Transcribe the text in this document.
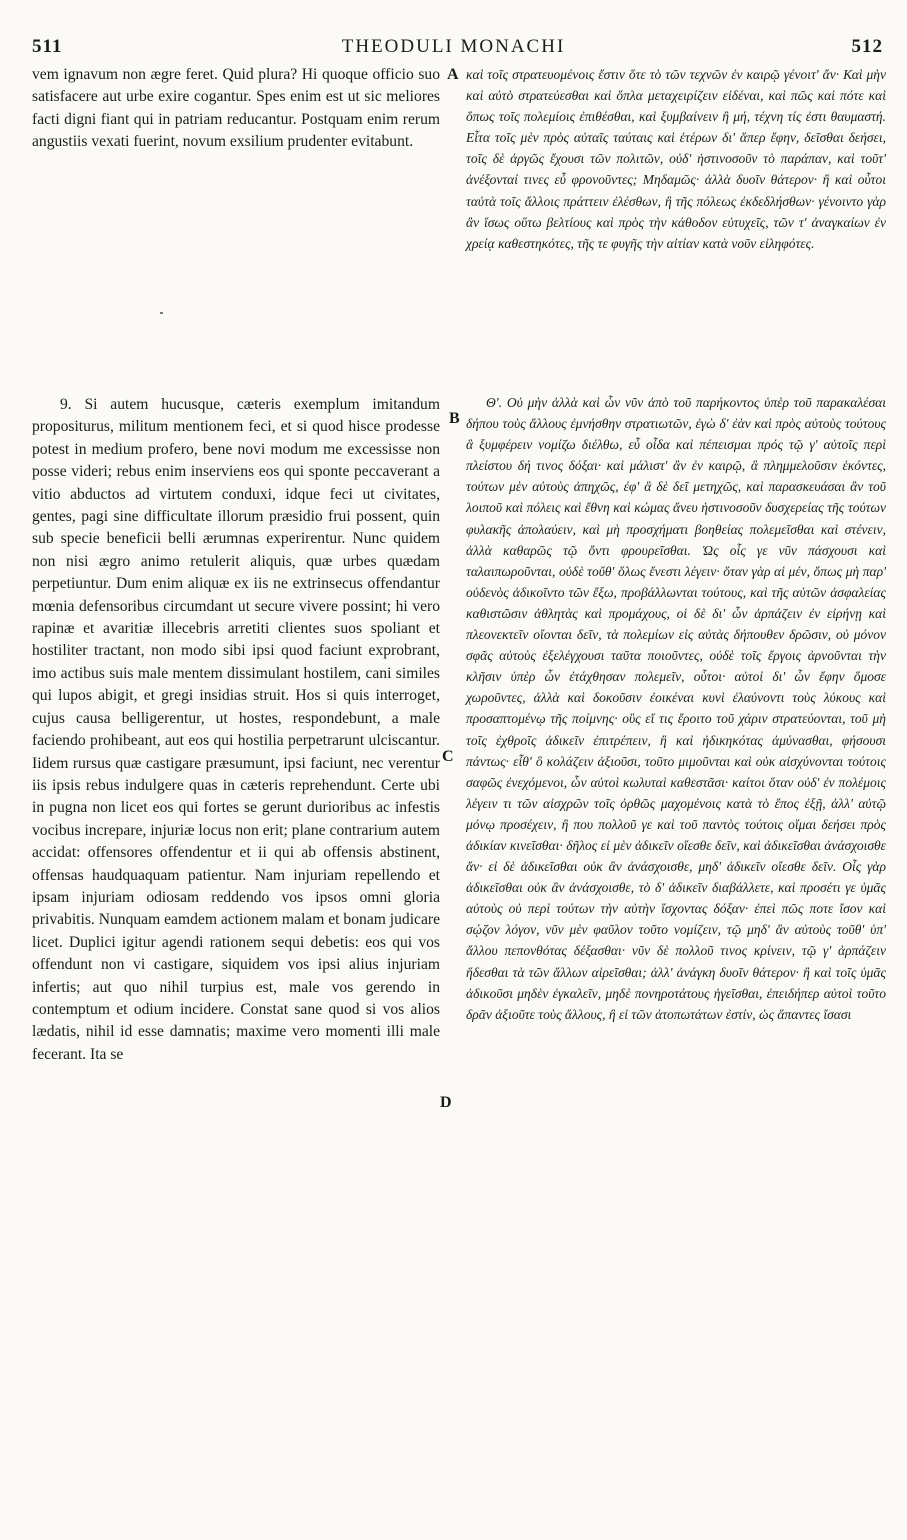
511	THEODULI MONACHI	512

vem ignavum non ægre feret. Quid plura? Hi quoque officio suo satisfacere aut urbe exire cogantur. Spes enim est ut sic meliores facti digni fiant qui in patriam reducantur. Postquam enim rerum angustiis vexati fuerint, novum exsilium prudenter evitabunt.

9. Si autem hucusque, cæteris exemplum imitandum propositurus, militum mentionem feci, et si quod hisce prodesse potest in medium profero, bene novi modum me excessisse non posse videri; rebus enim inserviens eos qui sponte peccaverant a vitio abductos ad virtutem conduxi, idque feci ut civitates, gentes, pagi sine difficultate illorum præsidio frui possent, quin sub specie beneficii belli ærumnas experirentur. Nunc quidem non nisi ægro animo retulerit aliquis, quæ urbes quædam perpetiuntur. Dum enim aliquæ ex iis ne extrinsecus offendantur mœnia defensoribus circumdant ut secure vivere possint; hi vero rapinæ et avaritiæ illecebris arretiti clientes suos spoliant et hostiliter tractant, non modo sibi ipsi quod faciunt exprobrant, imo actibus suis male mentem dissimulant hostilem, cani similes qui lupos abigit, et gregi insidias struit. Hos si quis interroget, cujus causa belligerentur, ut hostes, respondebunt, a male faciendo prohibeant, aut eos qui hostilia perpetrarunt ulciscantur. Iidem rursus quæ castigare præsumunt, ipsi faciunt, nec verentur iis ipsis rebus indulgere quas in cæteris reprehendunt. Certe ubi in pugna non licet eos qui fortes se gerunt durioribus ac infestis vocibus increpare, injuriæ locus non erit; plane contrarium autem accidat: offensores offendentur et ii qui ab offensis abstinent, offensas haudquaquam patientur. Nam injuriam repellendo et ipsam injuriam odiosam reddendo vos ipsos omni gloria privabitis. Nunquam eamdem actionem malam et bonam judicare licet. Duplici igitur agendi rationem sequi debetis: eos qui vos offendunt non vi castigare, siquidem vos ipsi alius injuriam infertis; aut quo nihil turpius est, male vos gerendo in contemptum et odium incidere. Constat sane quod si vos alios lædatis, nihil id esse damnatis; maxime vero momenti illi male fecerant. Ita se

A
B
C
D

καὶ τοῖς στρατευομένοις ἔστιν ὅτε τὸ τῶν τεχνῶν ἐν καιρῷ γένοιτ' ἄν· Καὶ μὴν καὶ αὐτὸ στρατεύεσθαι καὶ ὅπλα μεταχειρίζειν εἰδέναι, καὶ πῶς καὶ πότε καὶ ὅπως τοῖς πολεμίοις ἐπιθέσθαι, καὶ ξυμβαίνειν ἢ μή, τέχνη τίς ἐστι θαυμαστή. Εἶτα τοῖς μὲν πρὸς αὐταῖς ταύταις καὶ ἑτέρων δι' ἅπερ ἔφην, δεῖσθαι δεήσει, τοῖς δὲ ἀργῶς ἔχουσι τῶν πολιτῶν, οὐδ' ἡστινοσοῦν τὸ παράπαν, καὶ τοῦτ' ἀνέξονταί τινες εὖ φρονοῦντες; Μηδαμῶς· ἀλλὰ δυοῖν θάτερον· ἢ καὶ οὗτοι ταὐτὰ τοῖς ἄλλοις πράττειν ἐλέσθων, ἢ τῆς πόλεως ἐκδεδλήσθων· γένοιντο γὰρ ἂν ἴσως οὕτω βελτίους καὶ πρὸς τὴν κάθοδον εὐτυχεῖς, τῶν τ' ἀναγκαίων ἐν χρείᾳ καθεστηκότες, τῆς τε φυγῆς τὴν αἰτίαν κατὰ νοῦν εἰληφότες.

Θ'. Οὐ μὴν ἀλλὰ καὶ ὧν νῦν ἀπὸ τοῦ παρήκοντος ὑπὲρ τοῦ παρακαλέσαι δήπου τοὺς ἄλλους ἐμνήσθην στρατιωτῶν, ἐγὼ δ' ἐὰν καὶ πρὸς αὐτοὺς τούτους ἃ ξυμφέρειν νομίζω διέλθω, εὖ οἶδα καὶ πέπεισμαι πρός τῷ γ' αὐτοῖς περὶ πλείστου δή τινος δόξαι· καὶ μάλιστ' ἂν ἐν καιρῷ, ἃ πλημμελοῦσιν ἑκόντες, τούτων μὲν αὐτοὺς ἀπηχῶς, ἐφ' ἃ δὲ δεῖ μετηχῶς, καὶ παρασκευάσαι ἂν τοῦ λοιποῦ καὶ πόλεις καὶ ἔθνη καὶ κώμας ἄνευ ἡστινοσοῦν δυσχερείας τῆς τούτων φυλακῆς ἀπολαύειν, καὶ μὴ προσχήματι βοηθείας πολεμεῖσθαι καὶ στένειν, ἀλλὰ καθαρῶς τῷ ὄντι φρουρεῖσθαι. Ὡς οἷς γε νῦν πάσχουσι καὶ ταλαιπωροῦνται, οὐδὲ τοὔθ' ὅλως ἔνεστι λέγειν· ὅταν γὰρ αἱ μέν, ὅπως μὴ παρ' οὐδενὸς ἀδικοῖντο τῶν ἔξω, προβάλλωνται τούτους, καὶ τῆς αὑτῶν ἀσφαλείας καθιστῶσιν ἀθλητὰς καὶ προμάχους, οἱ δὲ δι' ὧν ἁρπάζειν ἐν εἰρήνῃ καὶ πλεονεκτεῖν οἴονται δεῖν, τὰ πολεμίων εἰς αὐτὰς δήπουθεν δρῶσιν, οὐ μόνον σφᾶς αὐτοὺς ἐξελέγχουσι ταῦτα ποιοῦντες, οὐδὲ τοῖς ἔργοις ἀρνοῦνται τὴν κλῆσιν ὑπὲρ ὧν ἐτάχθησαν πολεμεῖν, οὗτοι· αὐτοὶ δι' ὧν ἔφην ὅμοσε χωροῦντες, ἀλλὰ καὶ δοκοῦσιν ἐοικέναι κυνὶ ἐλαύνοντι τοὺς λύκους καὶ προσαπτομένῳ τῆς ποίμνης· οὓς εἴ τις ἔροιτο τοῦ χάριν στρατεύονται, τοῦ μὴ τοῖς ἐχθροῖς ἀδικεῖν ἐπιτρέπειν, ἢ καὶ ἠδικηκότας ἀμύνασθαι, φήσουσι πάντως· εἶθ' ὃ κολάζειν ἀξιοῦσι, τοῦτο μιμοῦνται καὶ οὐκ αἰσχύνονται τούτοις σαφῶς ἐνεχόμενοι, ὧν αὐτοὶ κωλυταὶ καθεστᾶσι· καίτοι ὅταν οὐδ' ἐν πολέμοις λέγειν τι τῶν αἰσχρῶν τοῖς ὀρθῶς μαχομένοις κατὰ τὸ ἔπος ἐξῇ, ἀλλ' αὐτῷ μόνῳ προσέχειν, ἢ που πολλοῦ γε καὶ τοῦ παντὸς τούτοις οἴμαι δεήσει πρὸς ἀδικίαν κινεῖσθαι· δῆλος εἰ μὲν ἀδικεῖν οἴεσθε δεῖν, καὶ ἀδικεῖσθαι ἀνάσχοισθε ἄν· εἰ δὲ ἀδικεῖσθαι οὐκ ἂν ἀνάσχοισθε, μηδ' ἀδικεῖν οἴεσθε δεῖν. Οἷς γὰρ ἀδικεῖσθαι οὐκ ἂν ἀνάσχοισθε, τὸ δ' ἀδικεῖν διαβάλλετε, καὶ προσέτι γε ὑμᾶς αὐτοὺς οὐ περὶ τούτων τὴν αὐτὴν ἴσχοντας δόξαν· ἐπεὶ πῶς ποτε ἴσον καὶ σῴζον λόγον, νῦν μὲν φαῦλον τοῦτο νομίζειν, τῷ μηδ' ἂν αὐτοὺς τοῦθ' ὑπ' ἄλλου πεπονθότας δέξασθαι· νῦν δὲ πολλοῦ τινος κρίνειν, τῷ γ' ἁρπάζειν ἥδεσθαι τὰ τῶν ἄλλων αἱρεῖσθαι; ἀλλ' ἀνάγκη δυοῖν θάτερον· ἢ καὶ τοῖς ὑμᾶς ἀδικοῦσι μηδὲν ἐγκαλεῖν, μηδὲ πονηροτάτους ἡγεῖσθαι, ἐπειδήπερ αὐτοὶ τοῦτο δρᾶν ἀξιοῦτε τοὺς ἄλλους, ἢ εἰ τῶν ἀτοπωτάτων ἐστίν, ὡς ἅπαντες ἴσασι
